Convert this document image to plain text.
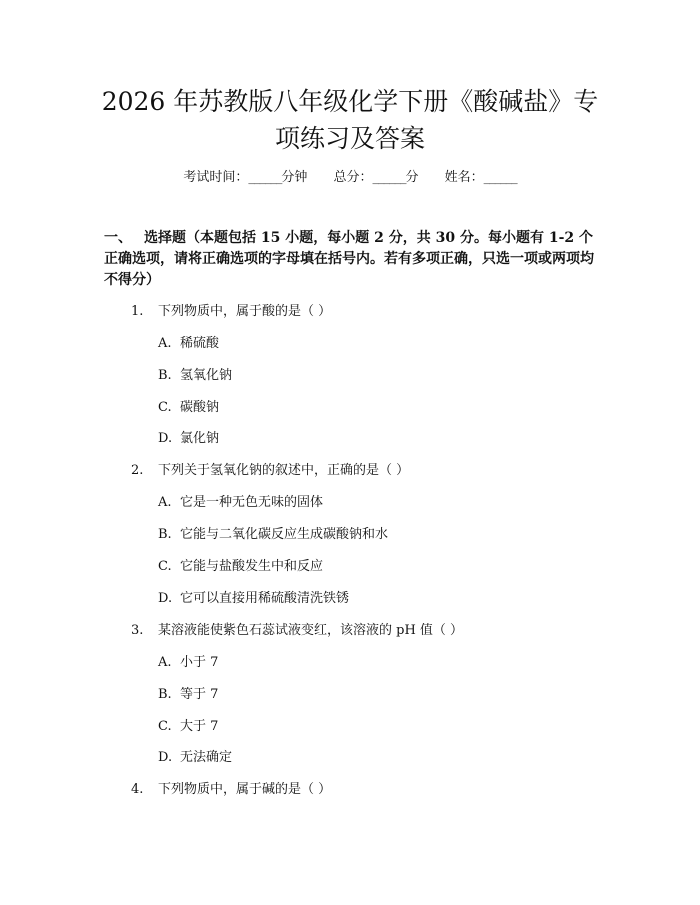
2026 年苏教版八年级化学下册《酸碱盐》专
项练习及答案
考试时间：______分钟 总分：______分 姓名：______

一、 选择题（本题包括 15 小题，每小题 2 分，共 30 分。每小题有 1-2 个正确选项，请将正确选项的字母填在括号内。若有多项正确，只选一项或两项均不得分）

1. 下列物质中，属于酸的是（ ）
A. 稀硫酸
B. 氢氧化钠
C. 碳酸钠
D. 氯化钠
2. 下列关于氢氧化钠的叙述中，正确的是（ ）
A. 它是一种无色无味的固体
B. 它能与二氧化碳反应生成碳酸钠和水
C. 它能与盐酸发生中和反应
D. 它可以直接用稀硫酸清洗铁锈
3. 某溶液能使紫色石蕊试液变红，该溶液的 pH 值（ ）
A. 小于 7
B. 等于 7
C. 大于 7
D. 无法确定
4. 下列物质中，属于碱的是（ ）
